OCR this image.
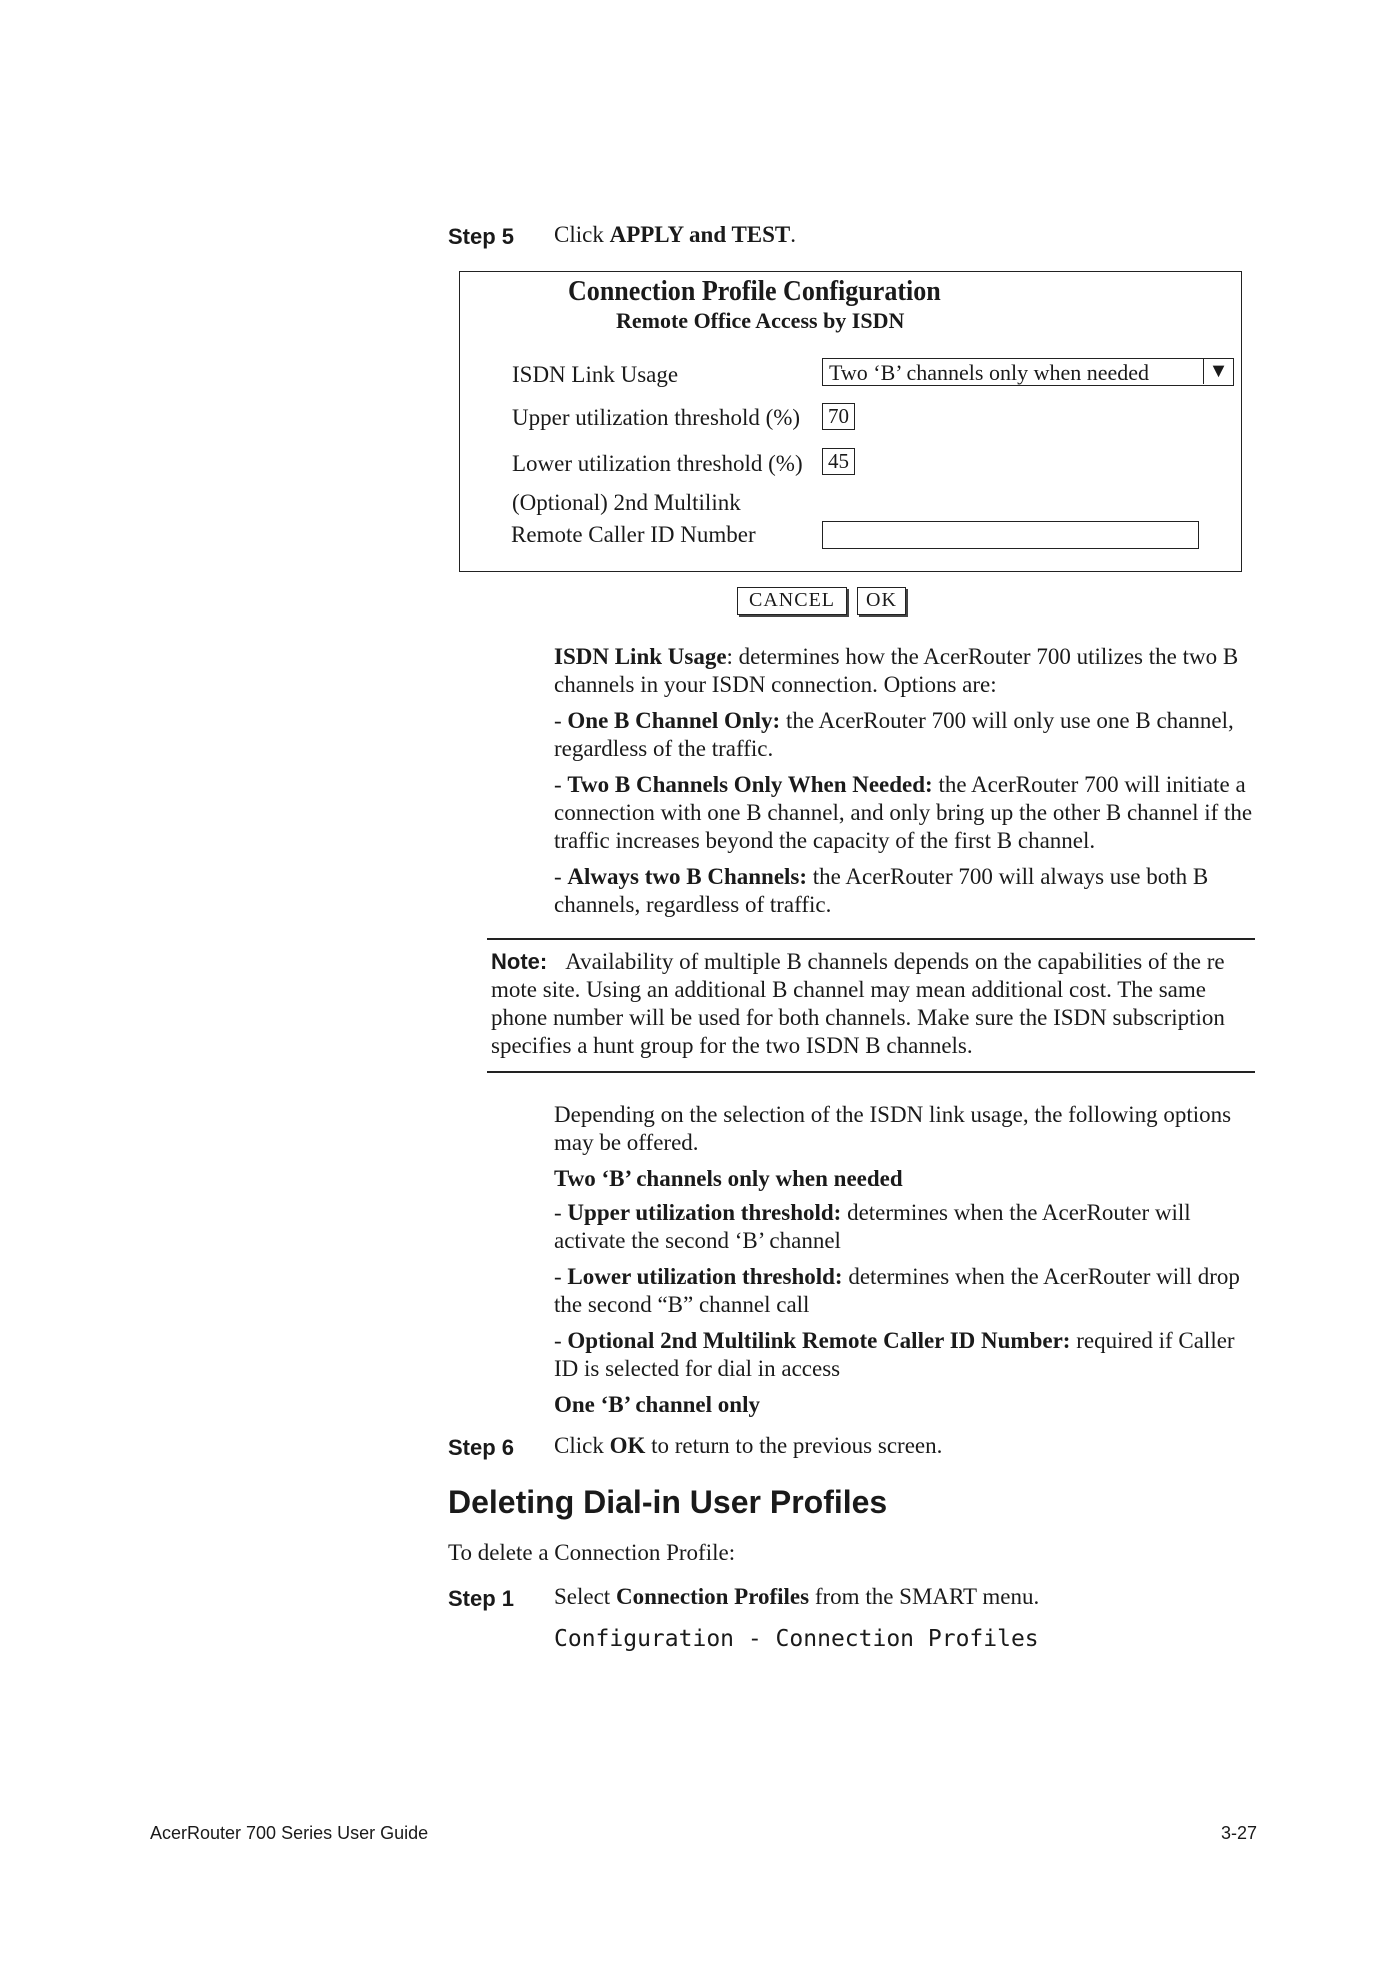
Step 5 Click APPLY and TEST.
Connection Profile Configuration
Remote Office Access by ISDN
ISDN Link Usage	Two ‘B’ channels only when needed	▼
Upper utilization threshold (%) 70
Lower utilization threshold (%) 45
(Optional) 2nd Multilink
Remote Caller ID Number
CANCEL	OK

ISDN Link Usage: determines how the AcerRouter 700 utilizes the two B channels in your ISDN connection. Options are:

- One B Channel Only: the AcerRouter 700 will only use one B channel, regardless of the traffic.

- Two B Channels Only When Needed: the AcerRouter 700 will initiate a connection with one B channel, and only bring up the other B channel if the traffic increases beyond the capacity of the first B channel.

- Always two B Channels: the AcerRouter 700 will always use both B channels, regardless of traffic.

Note: Availability of multiple B channels depends on the capabilities of the re mote site. Using an additional B channel may mean additional cost. The same phone number will be used for both channels. Make sure the ISDN subscription specifies a hunt group for the two ISDN B channels.

Depending on the selection of the ISDN link usage, the following options may be offered.

Two ‘B’ channels only when needed

- Upper utilization threshold: determines when the AcerRouter will activate the second ‘B’ channel

- Lower utilization threshold: determines when the AcerRouter will drop the second “B” channel call

- Optional 2nd Multilink Remote Caller ID Number: required if Caller ID is selected for dial in access

One ‘B’ channel only

Step 6 Click OK to return to the previous screen.
Deleting Dial-in User Profiles
To delete a Connection Profile:
Step 1 Select Connection Profiles from the SMART menu.
Configuration - Connection Profiles
AcerRouter 700 Series User Guide	3-27
